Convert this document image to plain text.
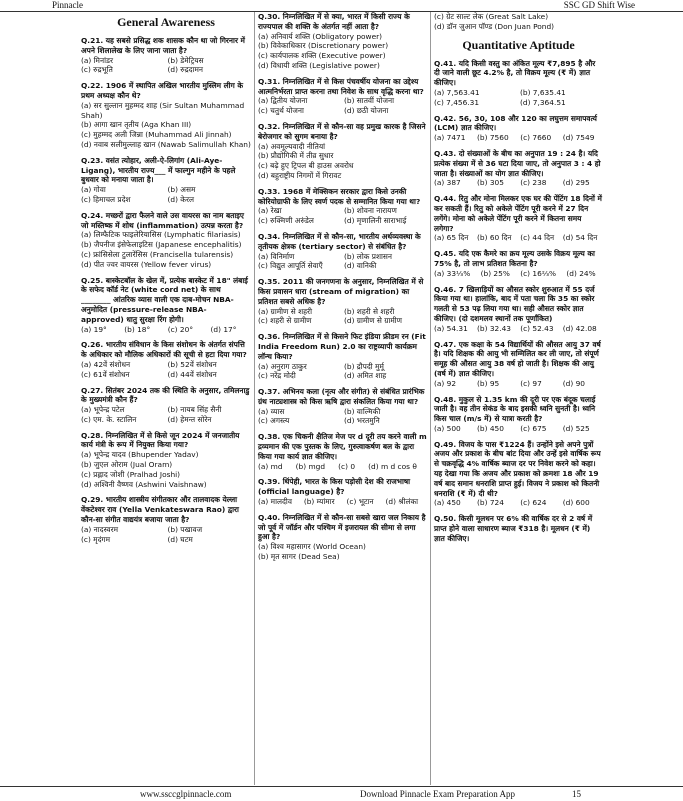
Pinnacle	SSC GD Shift Wise
General Awareness
Q.21. यह सबसे प्रसिद्ध शक शासक कौन था जो गिरनार में अपने शिलालेख के लिए जाना जाता है?
(a) मिनांडर	(b) डेमेट्रियस
(c) रुद्रभूति	(d) रुद्रदामन
Q.22. 1906 में स्थापित अखिल भारतीय मुस्लिम लीग के प्रथम अध्यक्ष कौन थे?
(a) सर सुल्तान मुहम्मद शाह (Sir Sultan Muhammad Shah)
(b) आगा खान तृतीय (Aga Khan III)
(c) मुहम्मद अली जिन्ना (Muhammad Ali Jinnah)
(d) नवाब सलीमुल्लाह खान (Nawab Salimullah Khan)
Q.23. वसंत त्योहार, अली-ऐ-लिगांग (Ali-Aye-Ligang), भारतीय राज्य___ में फाल्गुन महीने के पहले बुधवार को मनाया जाता है।
(a) गोवा	(b) असम
(c) हिमाचल प्रदेश	(d) केरल
Q.24. मच्छरों द्वारा फैलने वाले उस वायरस का नाम बताइए जो मस्तिष्क में शोथ (inflammation) उत्पन्न करता है?
(a) लिम्फैटिक फाइलेरियासिस (Lymphatic filariasis)
(b) जैपनीज इंसेफेलाइटिस (Japanese encephalitis)
(c) फ्रांसिसेला टुलारेंसिस (Francisella tularensis)
(d) पीत ज्वर वायरस (Yellow fever virus)
Q.25. बास्केटबॉल के खेल में, प्रत्येक बास्केट में 18" लंबाई के सफेद कॉर्ड नेट (white cord net) के साथ ________ आंतरिक व्यास वाली एक दाब-मोचन NBA-अनुमोदित (pressure-release NBA- approved) धातु सुरक्षा रिंग होगी।
(a) 19°	(b) 18°	(c) 20°	(d) 17°
Q.26. भारतीय संविधान के किस संशोधन के अंतर्गत संपत्ति के अधिकार को मौलिक अधिकारों की सूची से हटा दिया गया?
(a) 42वें संशोधन	(b) 52वें संशोधन
(c) 61वें संशोधन	(d) 44वें संशोधन
Q.27. सितंबर 2024 तक की स्थिति के अनुसार, तमिलनाडु के मुख्यमंत्री कौन हैं?
(a) भूपेन्द्र पटेल	(b) नायब सिंह सैनी
(c) एम. के. स्टालिन	(d) हेमन्त सोरेन
Q.28. निम्नलिखित में से किसे जून 2024 में जनजातीय कार्य मंत्री के रूप में नियुक्त किया गया?
(a) भूपेन्द्र यादव (Bhupender Yadav)
(b) जुएल ओराम (Jual Oram)
(c) प्रह्लाद जोशी (Pralhad Joshi)
(d) अश्विनी वैष्णव (Ashwini Vaishnaw)
Q.29. भारतीय शास्त्रीय संगीतकार और तालवादक येल्ला वेंकटेश्वर राव (Yella Venkateswara Rao) द्वारा कौन-सा संगीत वाद्ययंत्र बजाया जाता है?
(a) नादस्वरम	(b) पखावज
(c) मृदंगम	(d) घटम
Q.30. निम्नलिखित में से क्या, भारत में किसी राज्य के राज्यपाल की शक्ति के अंतर्गत नहीं आता है?
(a) अनिवार्य शक्ति (Obligatory power)
(b) विवेकाधिकार (Discretionary power)
(c) कार्यपालक शक्ति (Executive power)
(d) विधायी शक्ति (Legislative power)
Q.31. निम्नलिखित में से किस पंचवर्षीय योजना का उद्देश्य आत्मनिर्भरता प्राप्त करना तथा निवेश के साथ वृद्धि करना था?
(a) द्वितीय योजना	(b) सातवीं योजना
(c) चतुर्थ योजना	(d) छठी योजना
Q.32. निम्नलिखित में से कौन-सा वह प्रमुख कारक है जिसने बेरोजगार को सुगम बनाया है?
(a) अवमूल्यवादी नीतियां
(b) प्रौद्योगिकी में तीव्र सुधार
(c) बढ़े हुए ट्रिपल बी हाउस अवरोध
(d) बहुराष्ट्रीय निगमों में गिरावट
Q.33. 1968 में मेक्सिकन सरकार द्वारा किसे उनकी कोरियोग्राफी के लिए स्वर्ण पदक से सम्मानित किया गया था?
(a) रेखा	(b) शोवना नारायण
(c) रुक्मिणी अरुंडेल	(d) मृणालिनी साराभाई
Q.34. निम्नलिखित में से कौन-सा, भारतीय अर्थव्यवस्था के तृतीयक क्षेत्रक (tertiary sector) से संबंधित है?
(a) विनिर्माण	(b) लोक प्रशासन
(c) विद्युत आपूर्ति सेवाएँ	(d) वानिकी
Q.35. 2011 की जनगणना के अनुसार, निम्नलिखित में से किस प्रवासन धारा (stream of migration) का प्रतिशत सबसे अधिक है?
(a) ग्रामीण से शहरी	(b) शहरी से शहरी
(c) शहरी से ग्रामीण	(d) ग्रामीण से ग्रामीण
Q.36. निम्नलिखित में से किसने फिट इंडिया फ्रीडम रन (Fit India Freedom Run) 2.0 का राष्ट्रव्यापी कार्यक्रम लॉन्च किया?
(a) अनुराग ठाकुर	(b) द्रौपदी मुर्मू
(c) नरेंद्र मोदी	(d) अमित शाह
Q.37. अभिनय कला (नृत्य और संगीत) से संबंधित प्रारंभिक ग्रंथ नाट्यशास्त्र को किस ऋषि द्वारा संकलित किया गया था?
(a) व्यास	(b) वाल्मिकी
(c) अगस्त्य	(d) भरतमुनि
Q.38. एक चिकनी क्षैतिज मेज पर d दूरी तय करने वाली m द्रव्यमान की एक पुस्तक के लिए, गुरुत्वाकर्षण बल के द्वारा किया गया कार्य ज्ञात कीजिए।
(a) md	(b) mgd	(c) 0	(d) m d cos θ
Q.39. थिंपेही, भारत के किस पड़ोसी देश की राजभाषा (official language) है?
(a) मालदीव	(b) म्यांमार	(c) भूटान	(d) श्रीलंका
Q.40. निम्नलिखित में से कौन-सा सबसे खारा जल निकाय है जो पूर्व में जॉर्डन और पश्चिम में इजरायल की सीमा से लगा हुआ है?
(a) विश्व महासागर (World Ocean)
(b) मृत सागर (Dead Sea)
(c) ग्रेट साल्ट लेक (Great Salt Lake)
(d) डॉन जुआन पॉण्ड (Don Juan Pond)
Quantitative Aptitude
Q.41. यदि किसी वस्तु का अंकित मूल्य ₹7,895 है और दी जाने वाली छूट 4.2% है, तो विक्रय मूल्य (₹ में) ज्ञात कीजिए।
(a) 7,563.41	(b) 7,635.41
(c) 7,456.31	(d) 7,364.51
Q.42. 56, 30, 108 और 120 का लघुत्तम समापवर्त्य (LCM) ज्ञात कीजिए।
(a) 7471	(b) 7560	(c) 7660	(d) 7549
Q.43. दो संख्याओं के बीच का अनुपात 19 : 24 है। यदि प्रत्येक संख्या में से 36 घटा दिया जाए, तो अनुपात 3 : 4 हो जाता है। संख्याओं का योग ज्ञात कीजिए।
(a) 387	(b) 305	(c) 238	(d) 295
Q.44. रितु और मोना मिलकर एक घर की पेंटिंग 18 दिनों में कर सकती हैं। रितु को अकेले पेंटिंग पूरी करने में 27 दिन लगेंगे। मोना को अकेले पेंटिंग पूरी करने में कितना समय लगेगा?
(a) 65 दिन	(b) 60 दिन	(c) 44 दिन	(d) 54 दिन
Q.45. यदि एक कैमरे का क्रय मूल्य उसके विक्रय मूल्य का 75% है, तो लाभ प्रतिशत कितना है?
(a) 33⅓%	(b) 25%	(c) 16⅔%	(d) 24%
Q.46. 7 खिलाड़ियों का औसत स्कोर शुरुआत में 55 दर्ज किया गया था। हालांकि, बाद में पता चला कि 35 का स्कोर गलती से 53 पढ़ लिया गया था। सही औसत स्कोर ज्ञात कीजिए। (दो दशमलव स्थानों तक पूर्णांकित)
(a) 54.31	(b) 32.43	(c) 52.43	(d) 42.08
Q.47. एक कक्षा के 54 विद्यार्थियों की औसत आयु 37 वर्ष है। यदि शिक्षक की आयु भी सम्मिलित कर ली जाए, तो संपूर्ण समूह की औसत आयु 38 वर्ष हो जाती है। शिक्षक की आयु (वर्ष में) ज्ञात कीजिए।
(a) 92	(b) 95	(c) 97	(d) 90
Q.48. मुकुल से 1.35 km की दूरी पर एक बंदूक चलाई जाती है। वह तीन सेकंड के बाद इसकी ध्वनि सुनती है। ध्वनि किस चाल (m/s में) से यात्रा करती है?
(a) 500	(b) 450	(c) 675	(d) 525
Q.49. विजय के पास ₹1224 हैं। उन्होंने इसे अपने पुत्रों अजय और प्रकाश के बीच बांट दिया और उन्हें इसे वार्षिक रूप से चक्रवृद्धि 4% वार्षिक ब्याज दर पर निवेश करने को कहा। यह देखा गया कि अजय और प्रकाश को क्रमशः 18 और 19 वर्ष बाद समान धनराशि प्राप्त हुई। विजय ने प्रकाश को कितनी धनराशि (₹ में) दी थी?
(a) 450	(b) 724	(c) 624	(d) 600
Q.50. किसी मूलधन पर 6% की वार्षिक दर से 2 वर्ष में प्राप्त होने वाला साधारण ब्याज ₹318 है। मूलधन (₹ में) ज्ञात कीजिए।
www.ssccglpinnacle.com	Download Pinnacle Exam Preparation App	15
